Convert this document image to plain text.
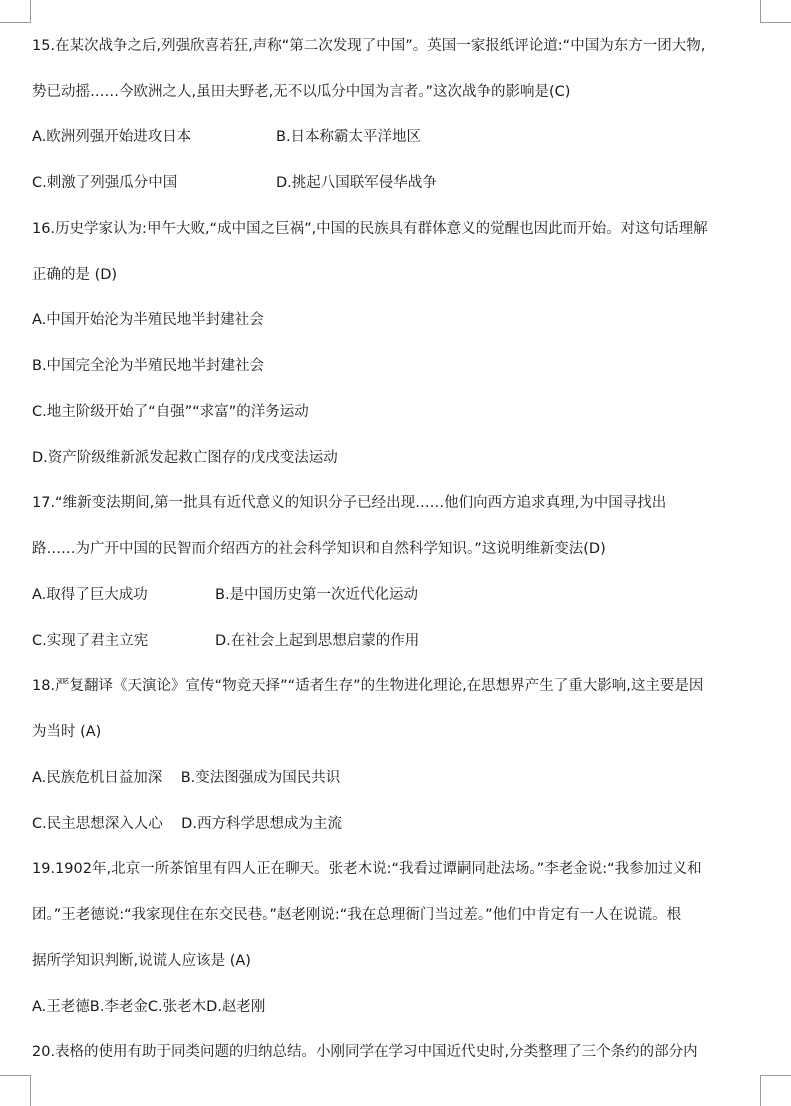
15.在某次战争之后,列强欣喜若狂,声称“第二次发现了中国”。英国一家报纸评论道:“中国为东方一团大物,
势已动摇……今欧洲之人,虽田夫野老,无不以瓜分中国为言者。”这次战争的影响是(C)
A.欧洲列强开始进攻日本	B.日本称霸太平洋地区
C.刺激了列强瓜分中国	D.挑起八国联军侵华战争
16.历史学家认为:甲午大败,“成中国之巨祸”,中国的民族具有群体意义的觉醒也因此而开始。对这句话理解
正确的是 (D)
A.中国开始沦为半殖民地半封建社会
B.中国完全沦为半殖民地半封建社会
C.地主阶级开始了“自强”“求富”的洋务运动
D.资产阶级维新派发起救亡图存的戊戌变法运动
17.“维新变法期间,第一批具有近代意义的知识分子已经出现……他们向西方追求真理,为中国寻找出
路……为广开中国的民智而介绍西方的社会科学知识和自然科学知识。”这说明维新变法(D)
A.取得了巨大成功	B.是中国历史第一次近代化运动
C.实现了君主立宪	D.在社会上起到思想启蒙的作用
18.严复翻译《天演论》宣传“物竞天择”“适者生存”的生物进化理论,在思想界产生了重大影响,这主要是因
为当时 (A)
A.民族危机日益加深    B.变法图强成为国民共识
C.民主思想深入人心    D.西方科学思想成为主流
19.1902年,北京一所茶馆里有四人正在聊天。张老木说:“我看过谭嗣同赴法场。”李老金说:“我参加过义和
团。”王老德说:“我家现住在东交民巷。”赵老刚说:“我在总理衙门当过差。”他们中肯定有一人在说谎。根
据所学知识判断,说谎人应该是 (A)
A.王老德B.李老金C.张老木D.赵老刚
20.表格的使用有助于同类问题的归纳总结。小刚同学在学习中国近代史时,分类整理了三个条约的部分内
